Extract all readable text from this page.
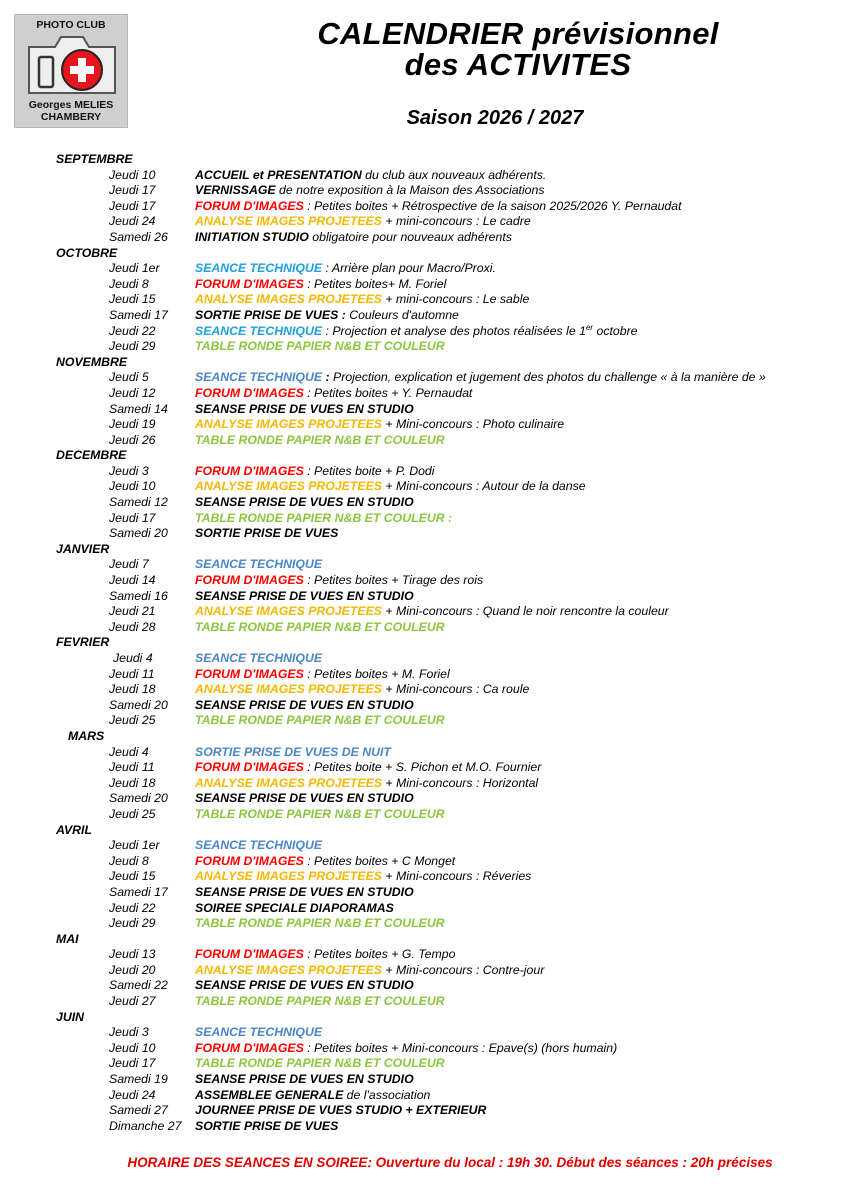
PHOTO CLUB
Georges MELIES
CHAMBERY
CALENDRIER prévisionnel
des ACTIVITES
Saison 2026 / 2027
SEPTEMBRE
Jeudi 10	ACCUEIL et PRESENTATION du club aux nouveaux adhérents.
Jeudi 17	VERNISSAGE de notre exposition à la Maison des Associations
Jeudi 17	FORUM D'IMAGES : Petites boites + Rétrospective de la saison 2025/2026 Y. Pernaudat
Jeudi 24	ANALYSE IMAGES PROJETEES + mini-concours : Le cadre
Samedi 26 INITIATION STUDIO obligatoire pour nouveaux adhérents
OCTOBRE
Jeudi 1er	SEANCE TECHNIQUE : Arrière plan pour Macro/Proxi.
Jeudi 8	FORUM D'IMAGES : Petites boites+ M. Foriel
Jeudi 15	ANALYSE IMAGES PROJETEES + mini-concours : Le sable
Samedi 17 SORTIE PRISE DE VUES : Couleurs d'automne
Jeudi 22	SEANCE TECHNIQUE : Projection et analyse des photos réalisées le 1er octobre
Jeudi 29	TABLE RONDE PAPIER N&B ET COULEUR
NOVEMBRE
Jeudi 5	SEANCE TECHNIQUE : Projection, explication et jugement des photos du challenge « à la manière de »
Jeudi 12	FORUM D'IMAGES : Petites boites + Y. Pernaudat
Samedi 14 SEANSE PRISE DE VUES EN STUDIO
Jeudi 19	ANALYSE IMAGES PROJETEES + Mini-concours : Photo culinaire
Jeudi 26	TABLE RONDE PAPIER N&B ET COULEUR
DECEMBRE
Jeudi 3	FORUM D'IMAGES : Petites boite + P. Dodi
Jeudi 10	ANALYSE IMAGES PROJETEES + Mini-concours : Autour de la danse
Samedi 12 SEANSE PRISE DE VUES EN STUDIO
Jeudi 17	TABLE RONDE PAPIER N&B ET COULEUR :
Samedi 20 SORTIE PRISE DE VUES
JANVIER
Jeudi 7	SEANCE TECHNIQUE
Jeudi 14	FORUM D'IMAGES : Petites boites + Tirage des rois
Samedi 16 SEANSE PRISE DE VUES EN STUDIO
Jeudi 21	ANALYSE IMAGES PROJETEES + Mini-concours : Quand le noir rencontre la couleur
Jeudi 28	TABLE RONDE PAPIER N&B ET COULEUR
FEVRIER
Jeudi 4	SEANCE TECHNIQUE
Jeudi 11	FORUM D'IMAGES : Petites boites + M. Foriel
Jeudi 18	ANALYSE IMAGES PROJETEES + Mini-concours : Ca roule
Samedi 20 SEANSE PRISE DE VUES EN STUDIO
Jeudi 25	TABLE RONDE PAPIER N&B ET COULEUR
MARS
Jeudi 4	SORTIE PRISE DE VUES DE NUIT
Jeudi 11	FORUM D'IMAGES : Petites boite + S. Pichon et M.O. Fournier
Jeudi 18	ANALYSE IMAGES PROJETEES + Mini-concours : Horizontal
Samedi 20 SEANSE PRISE DE VUES EN STUDIO
Jeudi 25	TABLE RONDE PAPIER N&B ET COULEUR
AVRIL
Jeudi 1er	SEANCE TECHNIQUE
Jeudi 8	FORUM D'IMAGES : Petites boites + C Monget
Jeudi 15	ANALYSE IMAGES PROJETEES + Mini-concours : Réveries
Samedi 17 SEANSE PRISE DE VUES EN STUDIO
Jeudi 22	SOIREE SPECIALE DIAPORAMAS
Jeudi 29	TABLE RONDE PAPIER N&B ET COULEUR
MAI
Jeudi 13	FORUM D'IMAGES : Petites boites + G. Tempo
Jeudi 20	ANALYSE IMAGES PROJETEES + Mini-concours : Contre-jour
Samedi 22 SEANSE PRISE DE VUES EN STUDIO
Jeudi 27	TABLE RONDE PAPIER N&B ET COULEUR
JUIN
Jeudi 3	SEANCE TECHNIQUE
Jeudi 10	FORUM D'IMAGES : Petites boites + Mini-concours : Epave(s) (hors humain)
Jeudi 17	TABLE RONDE PAPIER N&B ET COULEUR
Samedi 19 SEANSE PRISE DE VUES EN STUDIO
Jeudi 24	ASSEMBLEE GENERALE de l'association
Samedi 27 JOURNEE PRISE DE VUES STUDIO + EXTERIEUR
Dimanche 27 SORTIE PRISE DE VUES
HORAIRE DES SEANCES EN SOIREE: Ouverture du local : 19h 30. Début des séances : 20h précises
